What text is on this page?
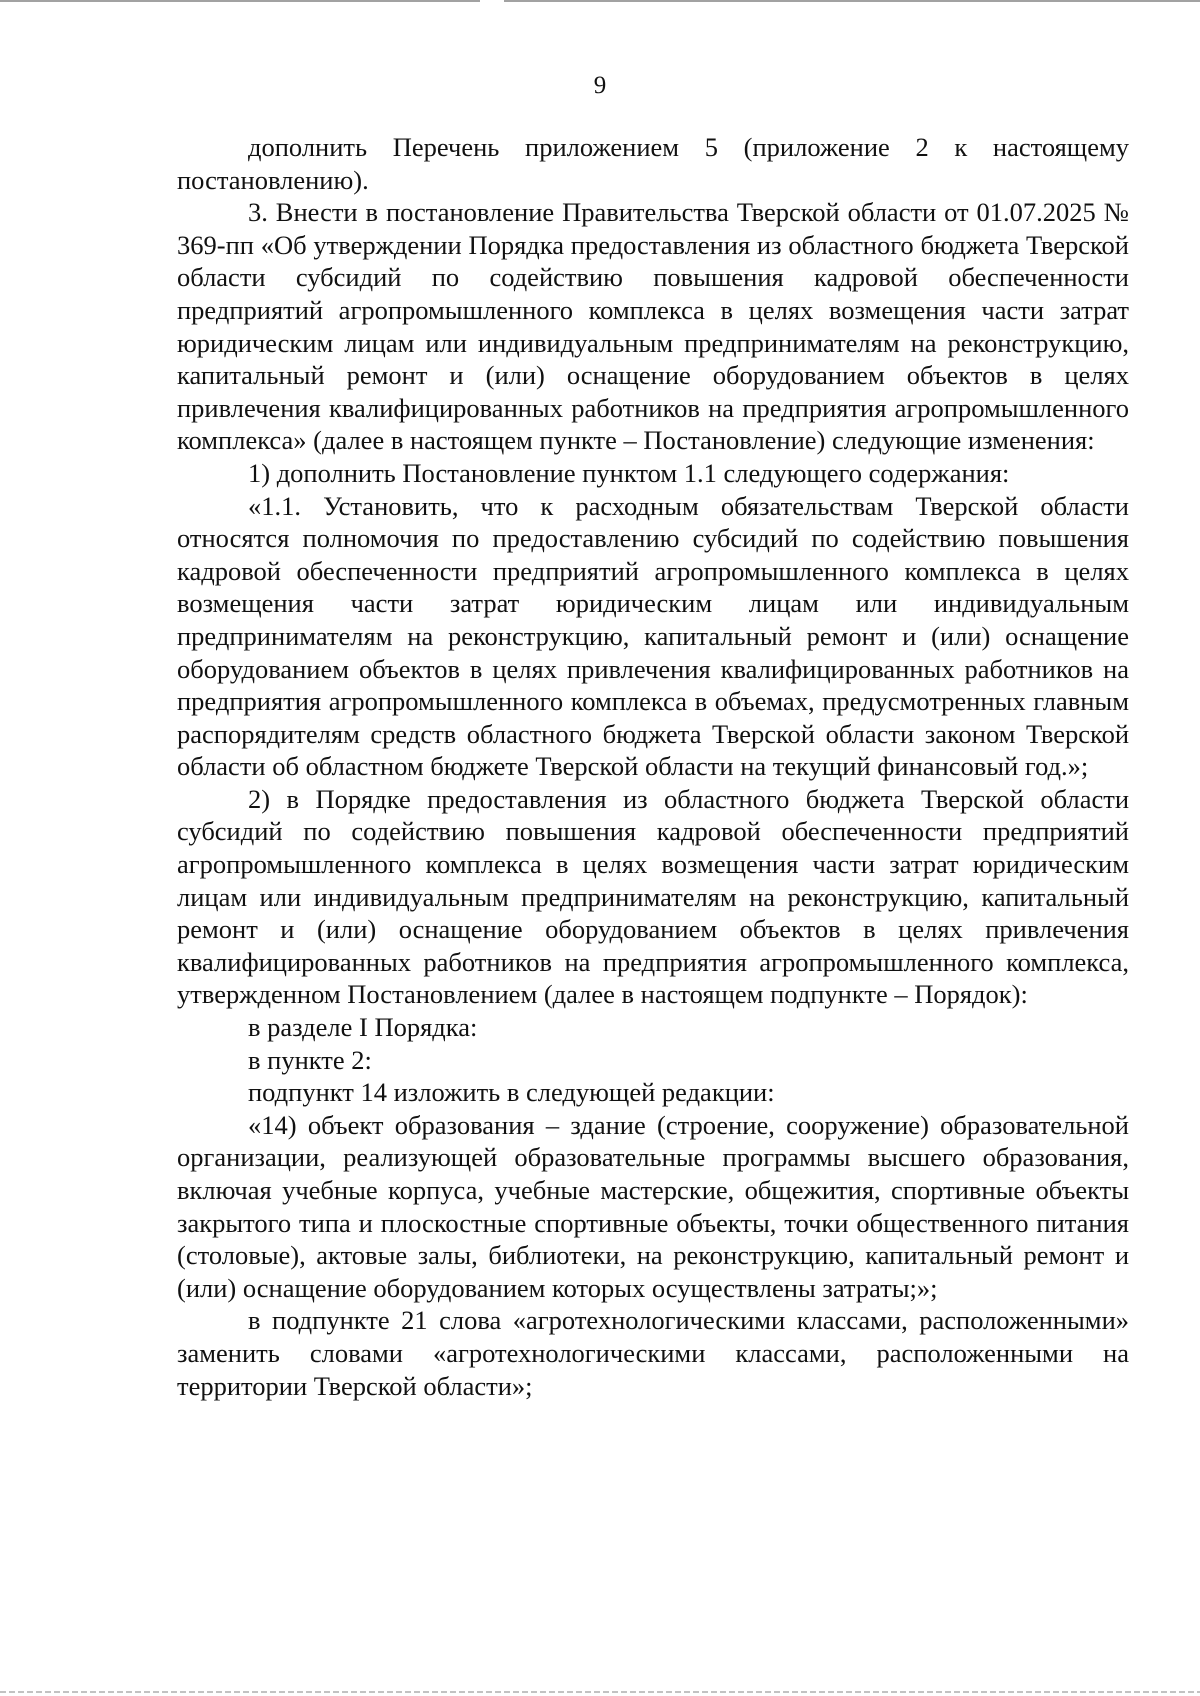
9

дополнить Перечень приложением 5 (приложение 2 к настоящему постановлению).

3. Внести в постановление Правительства Тверской области от 01.07.2025 № 369-пп «Об утверждении Порядка предоставления из областного бюджета Тверской области субсидий по содействию повышения кадровой обеспеченности предприятий агропромышленного комплекса в целях возмещения части затрат юридическим лицам или индивидуальным предпринимателям на реконструкцию, капитальный ремонт и (или) оснащение оборудованием объектов в целях привлечения квалифицированных работников на предприятия агропромышленного комплекса» (далее в настоящем пункте – Постановление) следующие изменения:

1) дополнить Постановление пунктом 1.1 следующего содержания:

«1.1. Установить, что к расходным обязательствам Тверской области относятся полномочия по предоставлению субсидий по содействию повышения кадровой обеспеченности предприятий агропромышленного комплекса в целях возмещения части затрат юридическим лицам или индивидуальным предпринимателям на реконструкцию, капитальный ремонт и (или) оснащение оборудованием объектов в целях привлечения квалифицированных работников на предприятия агропромышленного комплекса в объемах, предусмотренных главным распорядителям средств областного бюджета Тверской области законом Тверской области об областном бюджете Тверской области на текущий финансовый год.»;

2) в Порядке предоставления из областного бюджета Тверской области субсидий по содействию повышения кадровой обеспеченности предприятий агропромышленного комплекса в целях возмещения части затрат юридическим лицам или индивидуальным предпринимателям на реконструкцию, капитальный ремонт и (или) оснащение оборудованием объектов в целях привлечения квалифицированных работников на предприятия агропромышленного комплекса, утвержденном Постановлением (далее в настоящем подпункте – Порядок):

в разделе I Порядка:

в пункте 2:

подпункт 14 изложить в следующей редакции:

«14) объект образования – здание (строение, сооружение) образовательной организации, реализующей образовательные программы высшего образования, включая учебные корпуса, учебные мастерские, общежития, спортивные объекты закрытого типа и плоскостные спортивные объекты, точки общественного питания (столовые), актовые залы, библиотеки, на реконструкцию, капитальный ремонт и (или) оснащение оборудованием которых осуществлены затраты;»;

в подпункте 21 слова «агротехнологическими классами, расположенными» заменить словами «агротехнологическими классами, расположенными на территории Тверской области»;
